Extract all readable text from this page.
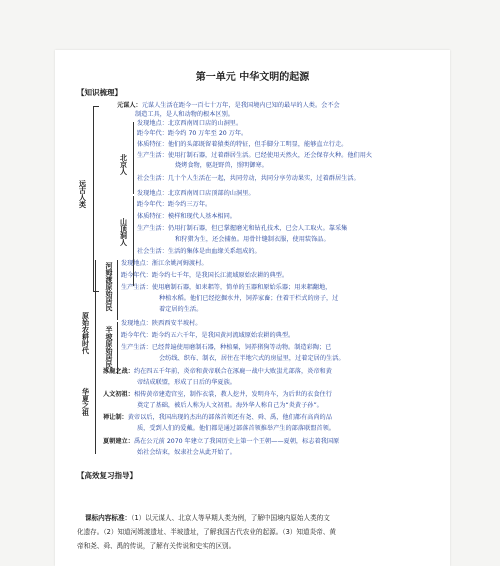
第一单元 中华文明的起源
【知识梳理】
远古人类
元谋人：元谋人生活在距今一百七十万年，是我国境内已知的最早的人类。会不会
制造工具，是人和动物的根本区别。
北京人
发现地点：北京西南周口店的山洞里。
距今年代：距今约 70 万年至 20 万年。
体质特征：他们的头部既留着猿类的特征，但手脚分工明显，能够直立行走。
生产生活：使用打制石器，过着群居生活。已经使用天然火，还会保存火种。他们用火
烧烤食物，驱赶野兽，照明御寒。
社会生活：几十个人生活在一起，共同劳动，共同分享劳动果实，过着群居生活。
山顶洞人
发现地点：北京西南周口店顶部的山洞里。
距今年代：距今约三万年。
体质特征：模样和现代人基本相同。
生产生活：仍用打制石器，但已掌握磨光和钻孔技术，已会人工取火。靠采集
和狩猎为生，还会捕鱼。用骨针缝制衣服，使用装饰品。
社会生活：生活的集体是由血缘关系组成的。
原始农耕时代
河姆渡原始居民 发现地点：浙江余姚河姆渡村。
距今年代：距今约七千年，是我国长江流域原始农耕的典型。
生产生活：使用磨制石器，如耒耜等，简单的玉器和原始乐器；用耒耜翻地，
种植水稻。他们已经挖掘水井，饲养家畜；住着干栏式的房子，过
着定居的生活。
半坡原始居民
发现地点：陕西西安半坡村。
距今年代：距今约五六千年，是我国黄河流域原始农耕的典型。
生产生活：已经普遍使用磨制石器，种植粟，饲养猪狗等动物。制造彩陶；已
会纺线、织布、制衣，居住在半地穴式的房屋里，过着定居的生活。
华夏之祖
涿鹿之战：约在四五千年前，炎帝和黄帝联合在涿鹿一战中大败蚩尤部落，炎帝和黄
帝结成联盟，形成了日后的华夏族。
人文初祖：相传黄帝建造宫室，制作衣裳，教人挖井，发明舟车，为后世的衣食住行
奠定了基础，被后人称为人文初祖。海外华人称自己为“炎黄子孙”。
禅让制：黄帝以后，我国出现的杰出的部落首领还有尧、舜、禹，他们都有高尚的品
质，受到人们的爱戴。他们都是通过部落首领推举产生的部落联盟首领。
夏朝建立：禹在公元前 2070 年建立了我国历史上第一个王朝——夏朝，标志着我国原
始社会结束，奴隶社会从此开始了。
【高效复习指导】
课标内容标准：（1）以元谋人、北京人等早期人类为例，了解中国境内原始人类的文
化遗存。（2）知道河姆渡遗址、半坡遗址，了解我国古代农业的起源。（3）知道炎帝、黄
帝和尧、舜、禹的传说，了解有关传说和史实的区别。
